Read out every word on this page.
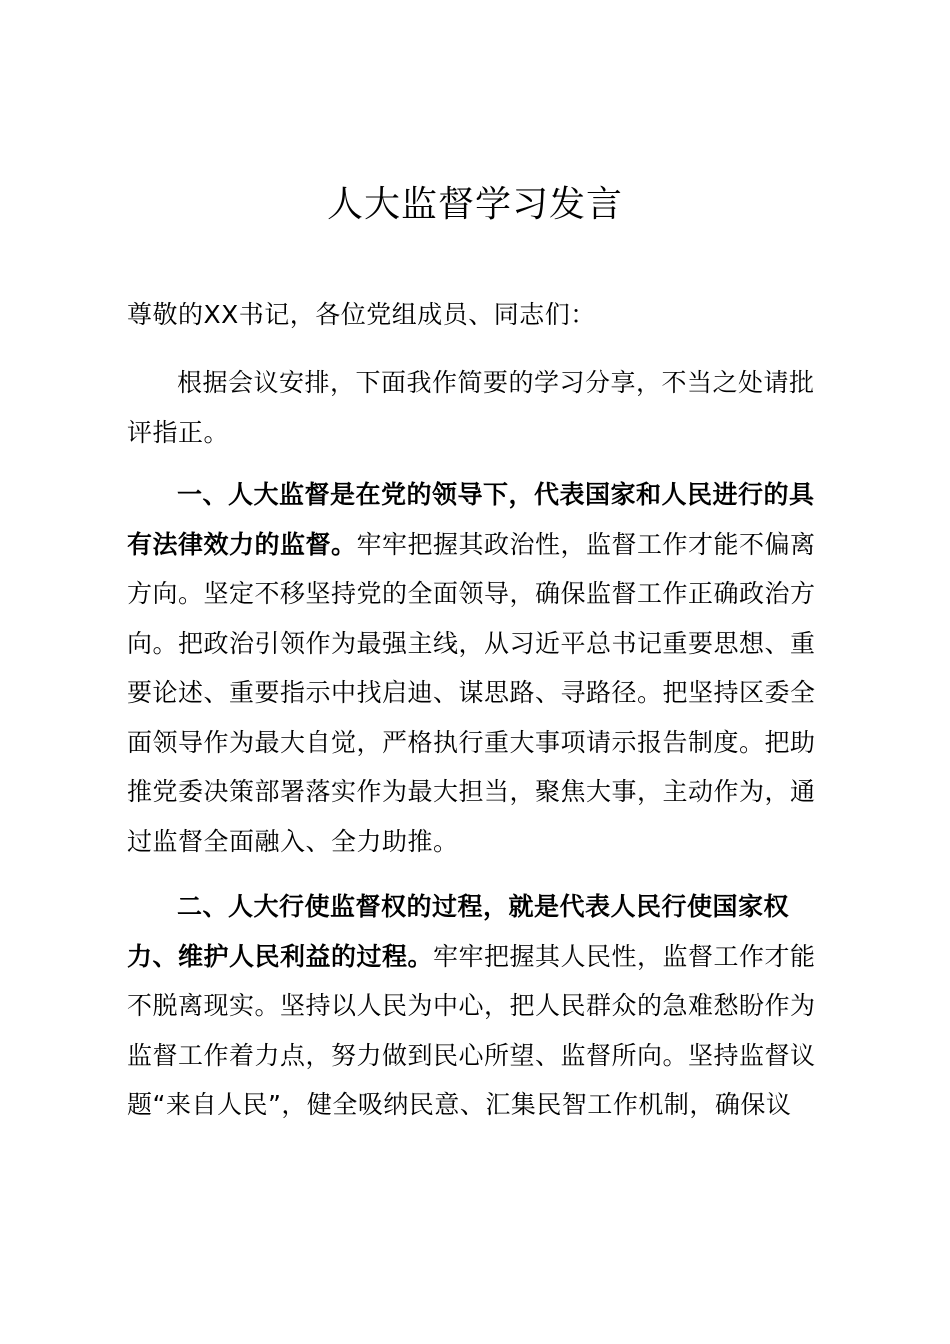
人大监督学习发言
尊敬的XX书记，各位党组成员、同志们：
根据会议安排，下面我作简要的学习分享，不当之处请批
评指正。
一、人大监督是在党的领导下，代表国家和人民进行的具
有法律效力的监督。牢牢把握其政治性，监督工作才能不偏离
方向。坚定不移坚持党的全面领导，确保监督工作正确政治方
向。把政治引领作为最强主线，从习近平总书记重要思想、重
要论述、重要指示中找启迪、谋思路、寻路径。把坚持区委全
面领导作为最大自觉，严格执行重大事项请示报告制度。把助
推党委决策部署落实作为最大担当，聚焦大事，主动作为，通
过监督全面融入、全力助推。
二、人大行使监督权的过程，就是代表人民行使国家权
力、维护人民利益的过程。牢牢把握其人民性，监督工作才能
不脱离现实。坚持以人民为中心，把人民群众的急难愁盼作为
监督工作着力点，努力做到民心所望、监督所向。坚持监督议
题“来自人民”，健全吸纳民意、汇集民智工作机制，确保议
